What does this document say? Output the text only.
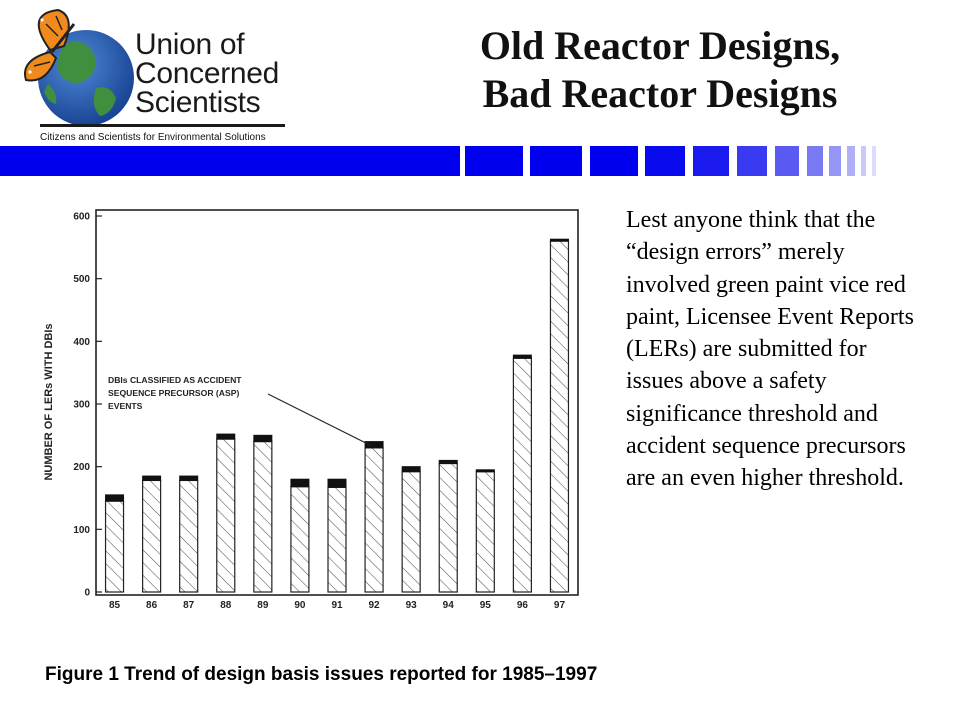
Union of
Concerned
Scientists
Citizens and Scientists for Environmental Solutions
Old Reactor Designs,
Bad Reactor Designs
0
100
200
300
400
500
600
85	86	87	88	89	90	91	92	93	94	95	96	97
NUMBER OF LERs WITH DBIs	DBIs CLASSIFIED AS ACCIDENT
SEQUENCE PRECURSOR (ASP)
EVENTS
Figure 1 Trend of design basis issues reported for 1985–1997
Lest anyone think that the “design errors” merely involved green paint vice red paint, Licensee Event Reports (LERs) are submitted for issues above a safety significance threshold and accident sequence precursors are an even higher threshold.
